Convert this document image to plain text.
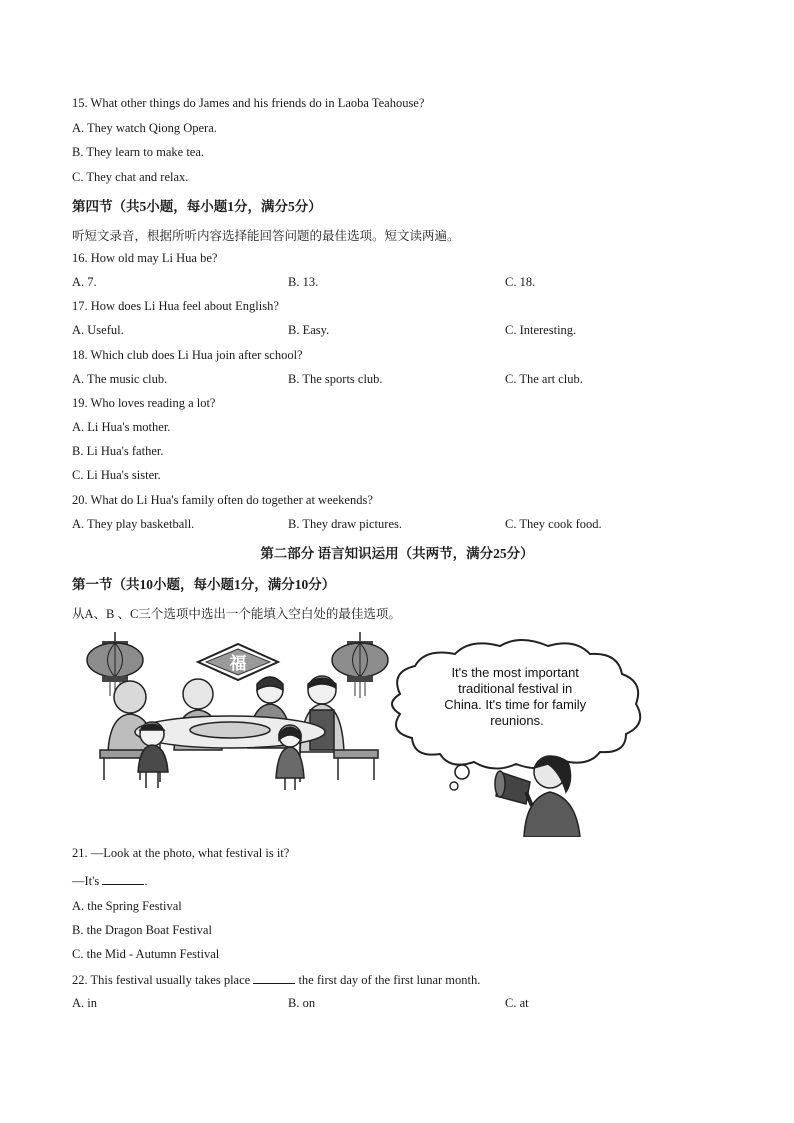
15. What other things do James and his friends do in Laoba Teahouse?
A. They watch Qiong Opera.
B. They learn to make tea.
C. They chat and relax.
第四节（共5小题，每小题1分，满分5分）
听短文录音，根据所听内容选择能回答问题的最佳选项。短文读两遍。
16. How old may Li Hua be?
A. 7.	B. 13.	C. 18.
17. How does Li Hua feel about English?
A. Useful.	B. Easy.	C. Interesting.
18. Which club does Li Hua join after school?
A. The music club.	B. The sports club.	C. The art club.
19. Who loves reading a lot?
A. Li Hua's mother.
B. Li Hua's father.
C. Li Hua's sister.
20. What do Li Hua's family often do together at weekends?
A. They play basketball.	B. They draw pictures.	C. They cook food.
第二部分 语言知识运用（共两节，满分25分）
第一节（共10小题，每小题1分，满分10分）
从A、B 、C三个选项中选出一个能填入空白处的最佳选项。
福	It's the most important traditional festival in China. It's time for family reunions.
21. —Look at the photo, what festival is it?
—It's	.
A. the Spring Festival
B. the Dragon Boat Festival
C. the Mid - Autumn Festival
22. This festival usually takes place	the first day of the first lunar month.
A. in	B. on	C. at
